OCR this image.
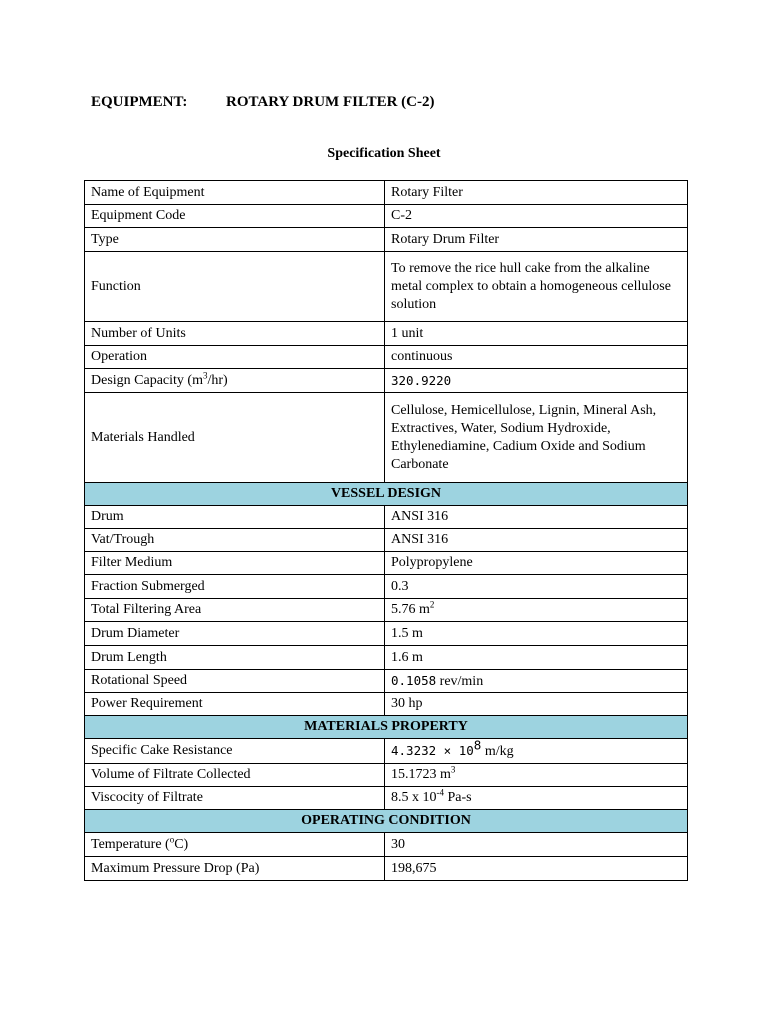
EQUIPMENT:	ROTARY DRUM FILTER (C-2)
Specification Sheet
Name of Equipment	Rotary Filter
Equipment Code	C-2
Type	Rotary Drum Filter
Function	To remove the rice hull cake from the alkaline metal complex to obtain a homogeneous cellulose solution
Number of Units	1 unit
Operation	continuous
Design Capacity $(m^3/hr)$	320.9220
Materials Handled	Cellulose, Hemicellulose, Lignin, Mineral Ash, Extractives, Water, Sodium Hydroxide, Ethylenediamine, Cadium Oxide and Sodium Carbonate
VESSEL DESIGN	
Drum	ANSI 316
Vat/Trough	ANSI 316
Filter Medium	Polypropylene
Fraction Submerged	0.3
Total Filtering Area	5.76 $m^2$
Drum Diameter	1.5 m
Drum Length	1.6 m
Rotational Speed	0.1058 rev/min
Power Requirement	30 hp
MATERIALS PROPERTY	
Specific Cake Resistance	$4.3232 \times 10^8$ m/kg
Volume of Filtrate Collected	15.1723 $m^3$
Viscocity of Filtrate	8.5 x $10^{-4}$ Pa-s
OPERATING CONDITION	
Temperature ($^o$C)	30
Maximum Pressure Drop (Pa)	198,675
